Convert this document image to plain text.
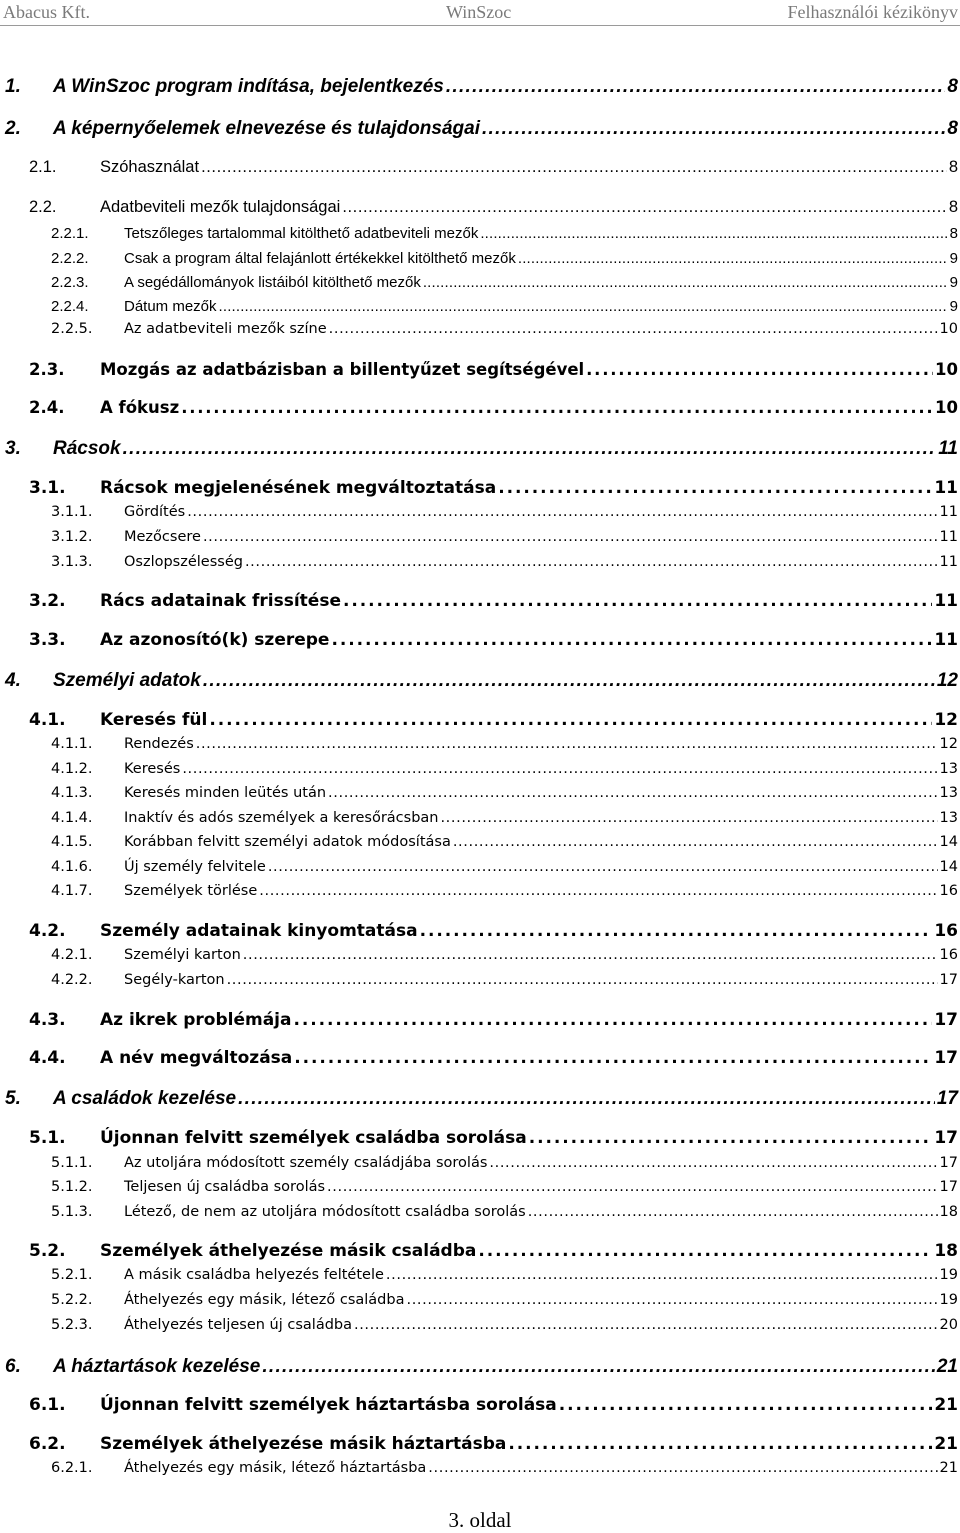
Abacus Kft.	WinSzoc	Felhasználói kézikönyv
1.	A WinSzoc program indítása, bejelentkezés . . .	8
2.	A képernyőelemek elnevezése és tulajdonságai . . .	8
2.1.	Szóhasználat . . .	8
2.2.	Adatbeviteli mezők tulajdonságai . . .	8
2.2.1.	Tetszőleges tartalommal kitölthető adatbeviteli mezők . . .	8
2.2.2.	Csak a program által felajánlott értékekkel kitölthető mezők . . .	9
2.2.3.	A segédállományok listáiból kitölthető mezők . . .	9
2.2.4.	Dátum mezők . . .	9
2.2.5.	Az adatbeviteli mezők színe . . .	10
2.3.	Mozgás az adatbázisban a billentyűzet segítségével . . .	10
2.4.	A fókusz . . .	10
3.	Rácsok . . .	11
3.1.	Rácsok megjelenésének megváltoztatása . . .	11
3.1.1.	Gördítés . . .	11
3.1.2.	Mezőcsere . . .	11
3.1.3.	Oszlopszélesség . . .	11
3.2.	Rács adatainak frissítése . . .	11
3.3.	Az azonosító(k) szerepe . . .	11
4.	Személyi adatok . . .	12
4.1.	Keresés fül . . .	12
4.1.1.	Rendezés . . .	12
4.1.2.	Keresés . . .	13
4.1.3.	Keresés minden leütés után . . .	13
4.1.4.	Inaktív és adós személyek a keresőrácsban . . .	13
4.1.5.	Korábban felvitt személyi adatok módosítása . . .	14
4.1.6.	Új személy felvitele . . .	14
4.1.7.	Személyek törlése . . .	16
4.2.	Személy adatainak kinyomtatása . . .	16
4.2.1.	Személyi karton . . .	16
4.2.2.	Segély-karton . . .	17
4.3.	Az ikrek problémája . . .	17
4.4.	A név megváltozása . . .	17
5.	A családok kezelése . . .	17
5.1.	Újonnan felvitt személyek családba sorolása . . .	17
5.1.1.	Az utoljára módosított személy családjába sorolás . . .	17
5.1.2.	Teljesen új családba sorolás . . .	17
5.1.3.	Létező, de nem az utoljára módosított családba sorolás . . .	18
5.2.	Személyek áthelyezése másik családba . . .	18
5.2.1.	A másik családba helyezés feltétele . . .	19
5.2.2.	Áthelyezés egy másik, létező családba . . .	19
5.2.3.	Áthelyezés teljesen új családba . . .	20
6.	A háztartások kezelése . . .	21
6.1.	Újonnan felvitt személyek háztartásba sorolása . . .	21
6.2.	Személyek áthelyezése másik háztartásba . . .	21
6.2.1.	Áthelyezés egy másik, létező háztartásba . . .	21
3. oldal
